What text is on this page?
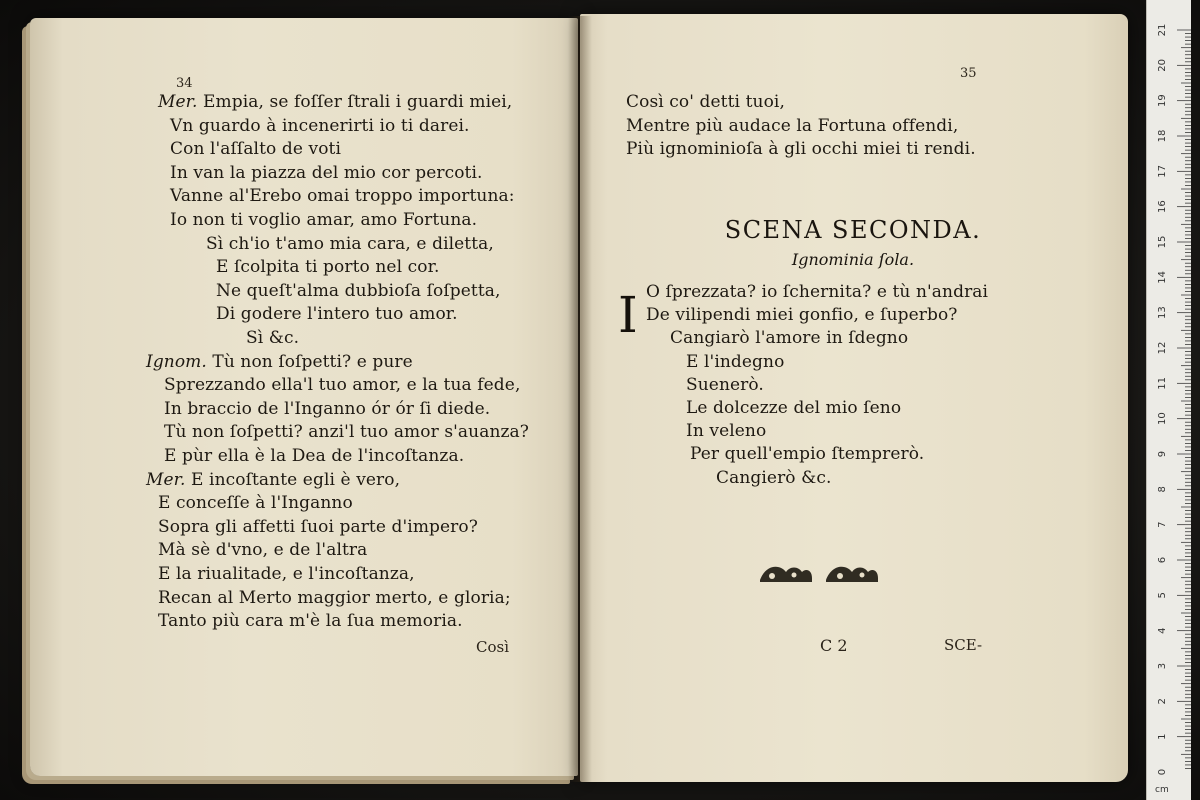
34
Mer. Empia, se foſſer ſtrali i guardi miei,
Vn guardo à incenerirti io ti darei.
Con l'aſſalto de voti
In van la piazza del mio cor percoti.
Vanne al'Erebo omai troppo importuna:
Io non ti voglio amar, amo Fortuna.
Sì ch'io t'amo mia cara, e diletta,
E ſcolpita ti porto nel cor.
Ne queſt'alma dubbioſa ſoſpetta,
Di godere l'intero tuo amor.
Sì &c.
Ignom. Tù non ſoſpetti? e pure
Sprezzando ella'l tuo amor, e la tua fede,
In braccio de l'Inganno ór ór ſi diede.
Tù non ſoſpetti? anzi'l tuo amor s'auanza?
E pùr ella è la Dea de l'incoſtanza.
Mer. E incoſtante egli è vero,
E conceſſe à l'Inganno
Sopra gli affetti ſuoi parte d'impero?
Mà sè d'vno, e de l'altra
E la riualitade, e l'incoſtanza,
Recan al Merto maggior merto, e gloria;
Tanto più cara m'è la ſua memoria.
Così
35
Così co' detti tuoi,
Mentre più audace la Fortuna offendi,
Più ignominioſa à gli occhi miei ti rendi.
SCENA SECONDA.
Ignominia ſola.
I O ſprezzata? io ſchernita? e tù n'andrai
De vilipendi miei gonfio, e ſuperbo?
Cangiarò l'amore in ſdegno
E l'indegno
Suenerò.
Le dolcezze del mio ſeno
In veleno
Per quell'empio ſtemprerò.
Cangierò &c.
C 2	SCE-
21
20
19
18
17
16
15
14
13
12
11
10
9
8
7
6
5
4
3
2
1
0
cm
